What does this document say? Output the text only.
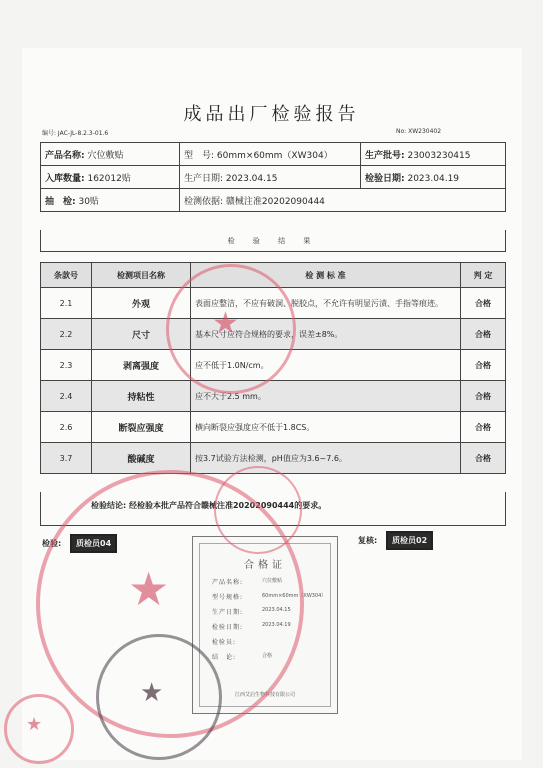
成品出厂检验报告
编号: JAC-JL-8.2.3-01.6	No: XW230402
产品名称: 穴位敷贴	型　号: 60mm×60mm（XW304）	生产批号: 23003230415
入库数量: 162012贴	生产日期: 2023.04.15	检验日期: 2023.04.19
抽　检: 30贴	检测依据: 赣械注准20202090444	
检 验 结 果
条款号	检测项目名称	检 测 标 准	判 定
2.1	外观	表面应整洁，不应有破洞、脱胶点，不允许有明显污渍、手指等痕迹。	合格
2.2	尺寸	基本尺寸应符合规格的要求，误差±8%。	合格
2.3	剥离强度	应不低于1.0N/cm。	合格
2.4	持粘性	应不大于2.5 mm。	合格
2.6	断裂应强度	横向断裂应强度应不低于1.8CS。	合格
3.7	酸碱度	按3.7试验方法检测，pH值应为3.6~7.6。	合格
检验结论: 经检验本批产品符合赣械注准20202090444的要求。
检验: 质检员04	复核: 质检员02
合格证
产品名称:	穴位敷贴
型号规格:	60mm×60mm（XW304）
生产日期:	2023.04.15
检验日期:	2023.04.19
检验员:
结　论:	合格
江西艾启生物科技有限公司
★
★
★
★
